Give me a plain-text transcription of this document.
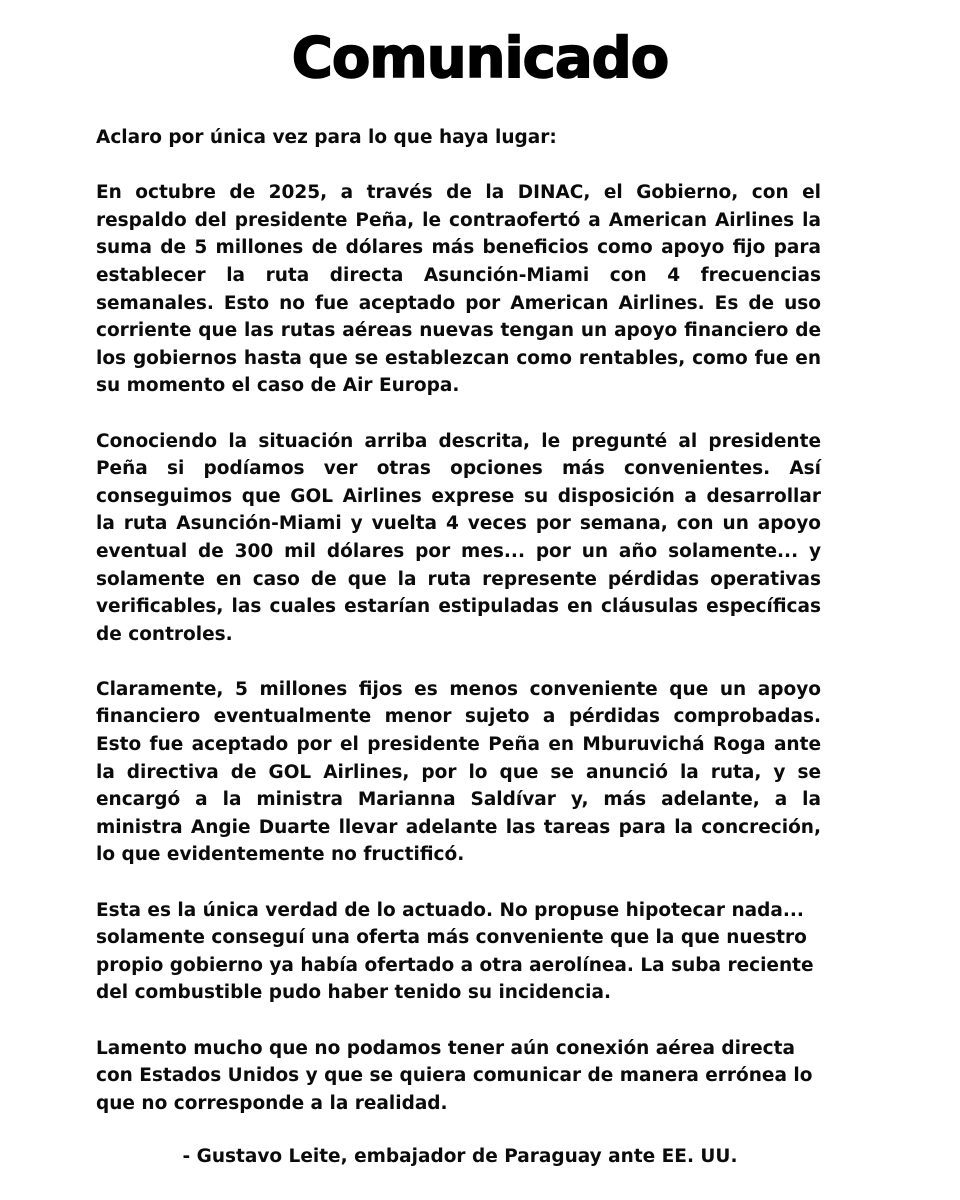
Comunicado

Aclaro por única vez para lo que haya lugar:

En octubre de 2025, a través de la DINAC, el Gobierno, con el respaldo del presidente Peña, le contraofertó a American Airlines la suma de 5 millones de dólares más beneficios como apoyo fijo para establecer la ruta directa Asunción-Miami con 4 frecuencias semanales. Esto no fue aceptado por American Airlines. Es de uso corriente que las rutas aéreas nuevas tengan un apoyo financiero de los gobiernos hasta que se establezcan como rentables, como fue en su momento el caso de Air Europa.

Conociendo la situación arriba descrita, le pregunté al presidente Peña si podíamos ver otras opciones más convenientes. Así conseguimos que GOL Airlines exprese su disposición a desarrollar la ruta Asunción-Miami y vuelta 4 veces por semana, con un apoyo eventual de 300 mil dólares por mes... por un año solamente... y solamente en caso de que la ruta represente pérdidas operativas verificables, las cuales estarían estipuladas en cláusulas específicas de controles.

Claramente, 5 millones fijos es menos conveniente que un apoyo financiero eventualmente menor sujeto a pérdidas comprobadas. Esto fue aceptado por el presidente Peña en Mburuvichá Roga ante la directiva de GOL Airlines, por lo que se anunció la ruta, y se encargó a la ministra Marianna Saldívar y, más adelante, a la ministra Angie Duarte llevar adelante las tareas para la concreción, lo que evidentemente no fructificó.

Esta es la única verdad de lo actuado. No propuse hipotecar nada... solamente conseguí una oferta más conveniente que la que nuestro propio gobierno ya había ofertado a otra aerolínea. La suba reciente del combustible pudo haber tenido su incidencia.

Lamento mucho que no podamos tener aún conexión aérea directa con Estados Unidos y que se quiera comunicar de manera errónea lo que no corresponde a la realidad.

- Gustavo Leite, embajador de Paraguay ante EE. UU.
